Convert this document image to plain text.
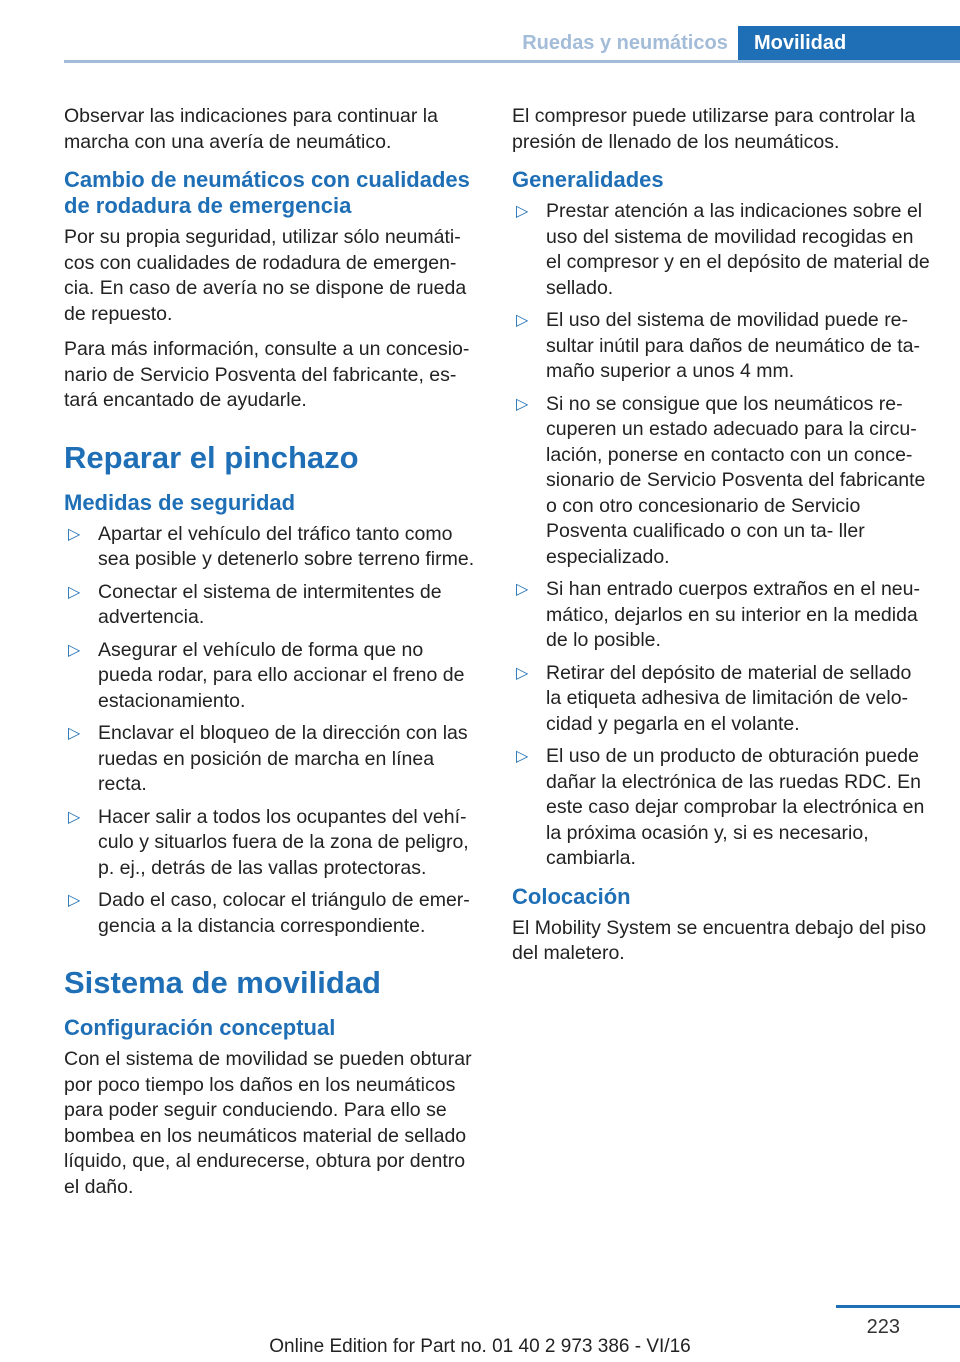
Ruedas y neumáticos	Movilidad

Observar las indicaciones para continuar la marcha con una avería de neumático.

Cambio de neumáticos con cualidades de rodadura de emergencia

Por su propia seguridad, utilizar sólo neumáti‐ cos con cualidades de rodadura de emergen‐ cia. En caso de avería no se dispone de rueda de repuesto.

Para más información, consulte a un concesio‐ nario de Servicio Posventa del fabricante, es‐ tará encantado de ayudarle.

Reparar el pinchazo
Medidas de seguridad
▷ Apartar el vehículo del tráfico tanto como sea posible y detenerlo sobre terreno firme.
▷ Conectar el sistema de intermitentes de advertencia.
▷ Asegurar el vehículo de forma que no pueda rodar, para ello accionar el freno de estacionamiento.
▷ Enclavar el bloqueo de la dirección con las ruedas en posición de marcha en línea recta.
▷ Hacer salir a todos los ocupantes del vehí‐ culo y situarlos fuera de la zona de peligro, p. ej., detrás de las vallas protectoras.
▷ Dado el caso, colocar el triángulo de emer‐ gencia a la distancia correspondiente.
Sistema de movilidad
Configuración conceptual

Con el sistema de movilidad se pueden obturar por poco tiempo los daños en los neumáticos para poder seguir conduciendo. Para ello se bombea en los neumáticos material de sellado líquido, que, al endurecerse, obtura por dentro el daño.

El compresor puede utilizarse para controlar la presión de llenado de los neumáticos.

Generalidades
▷ Prestar atención a las indicaciones sobre el uso del sistema de movilidad recogidas en el compresor y en el depósito de material de sellado.
▷ El uso del sistema de movilidad puede re‐ sultar inútil para daños de neumático de ta‐ maño superior a unos 4 mm.
▷ Si no se consigue que los neumáticos re‐ cuperen un estado adecuado para la circu‐ lación, ponerse en contacto con un conce‐ sionario de Servicio Posventa del fabricante o con otro concesionario de Servicio Posventa cualificado o con un ta‐ ller especializado.
▷ Si han entrado cuerpos extraños en el neu‐ mático, dejarlos en su interior en la medida de lo posible.
▷ Retirar del depósito de material de sellado la etiqueta adhesiva de limitación de velo‐ cidad y pegarla en el volante.
▷ El uso de un producto de obturación puede dañar la electrónica de las ruedas RDC. En este caso dejar comprobar la electrónica en la próxima ocasión y, si es necesario, cambiarla.
Colocación

El Mobility System se encuentra debajo del piso del maletero.

223
Online Edition for Part no. 01 40 2 973 386 - VI/16
